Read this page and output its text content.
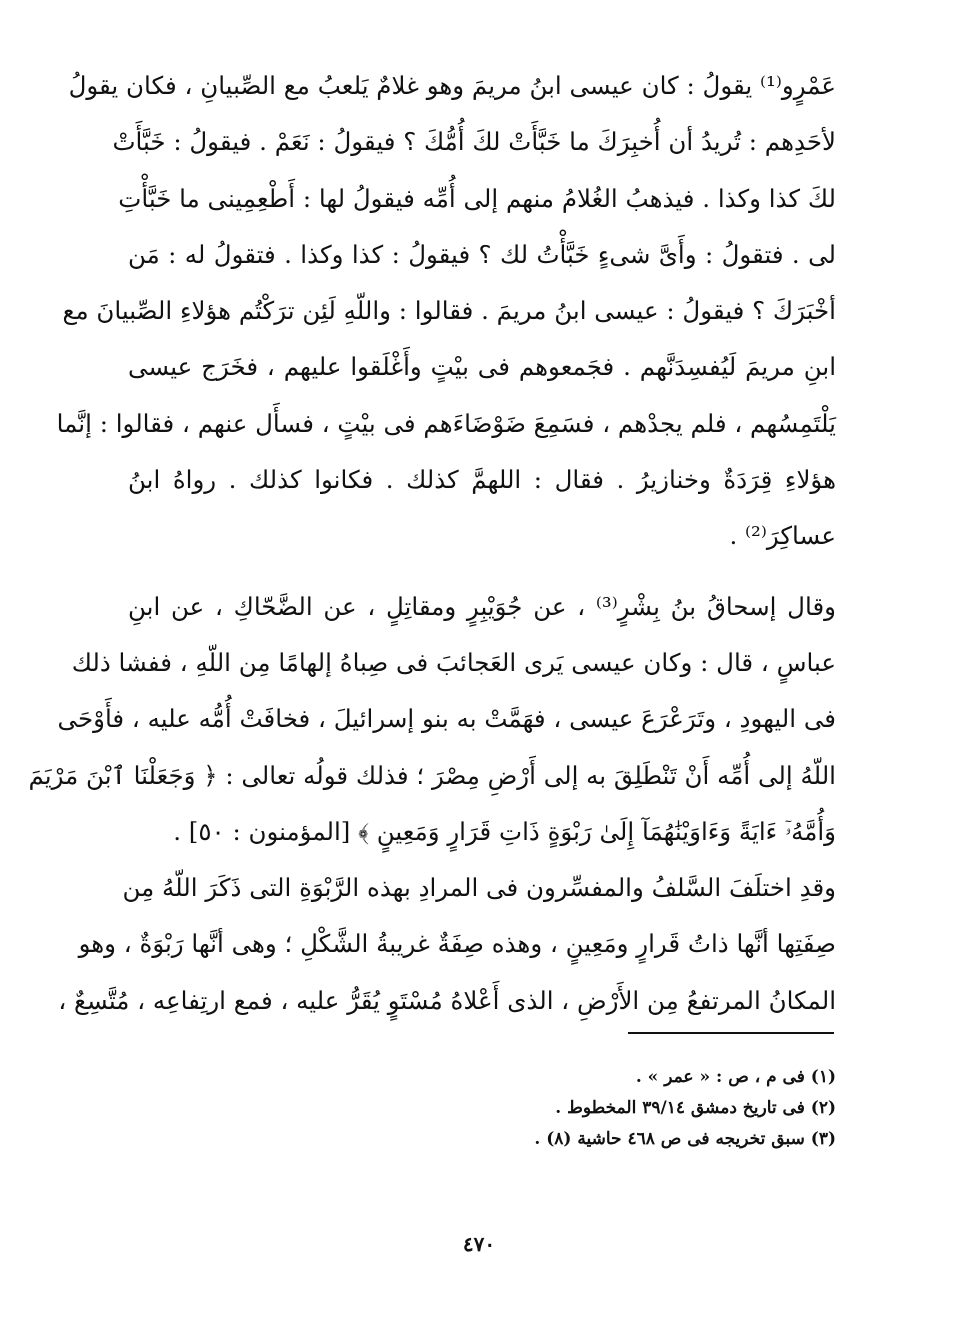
عَمْرٍو⁽¹⁾ يقولُ : كان عيسى ابنُ مريمَ وهو غلامٌ يَلعبُ مع الصِّبيانِ ، فكان يقولُ
لأحَدِهم : تُريدُ أن أُخبِرَكَ ما خَبَّأَتْ لكَ أُمُّكَ ؟ فيقولُ : نَعَمْ . فيقولُ : خَبَّأَتْ
لكَ كذا وكذا . فيذهبُ الغُلامُ منهم إلى أُمِّه فيقولُ لها : أَطْعِمِينى ما خَبَّأْتِ
لى . فتقولُ : وأَىَّ شىءٍ خَبَّأْتُ لك ؟ فيقولُ : كذا وكذا . فتقولُ له : مَن
أخْبَرَكَ ؟ فيقولُ : عيسى ابنُ مريمَ . فقالوا : واللّهِ لَئِن ترَكْتُم هؤلاءِ الصِّبيانَ مع
ابنِ مريمَ لَيُفسِدَنَّهم . فجَمعوهم فى بيْتٍ وأَغْلَقوا عليهم ، فخَرَج عيسى
يَلْتَمِسُهم ، فلم يجدْهم ، فسَمِعَ ضَوْضَاءَهم فى بيْتٍ ، فسأَل عنهم ، فقالوا : إنَّما
هؤلاءِ قِرَدَةٌ وخنازيرُ . فقال : اللهمَّ كذلك . فكانوا كذلك . رواهُ ابنُ
عساكِرَ⁽²⁾ .
وقال إسحاقُ بنُ بِشْرٍ⁽³⁾ ، عن جُوَيْبِرٍ ومقاتِلٍ ، عن الضَّحّاكِ ، عن ابنِ
عباسٍ ، قال : وكان عيسى يَرى العَجائبَ فى صِباهُ إلهامًا مِن اللّهِ ، ففشا ذلك
فى اليهودِ ، وتَرَعْرَعَ عيسى ، فهَمَّتْ به بنو إسرائيلَ ، فخافَتْ أُمُّه عليه ، فأَوْحَى
اللّهُ إلى أُمِّه أَنْ تَنْطَلِقَ به إلى أَرْضِ مِصْرَ ؛ فذلك قولُه تعالى : ﴿ وَجَعَلْنَا ٱبْنَ مَرْيَمَ
وَأُمَّهُۥٓ ءَايَةً وَءَاوَيْنَٰهُمَآ إِلَىٰ رَبْوَةٍ ذَاتِ قَرَارٍ وَمَعِينٍ ﴾ [المؤمنون : ٥٠] .
وقدِ اختلَفَ السَّلفُ والمفسِّرون فى المرادِ بهذه الرَّبْوَةِ التى ذَكَرَ اللّهُ مِن
صِفَتِها أنَّها ذاتُ قَرارٍ ومَعِينٍ ، وهذه صِفَةٌ غريبةُ الشَّكْلِ ؛ وهى أنَّها رَبْوَةٌ ، وهو
المكانُ المرتفعُ مِن الأَرْضِ ، الذى أَعْلاهُ مُسْتَوٍ يُقَرُّ عليه ، فمع ارتِفاعِه ، مُتَّسِعٌ ،
(١) فى م ، ص : « عمر » .
(٢) فى تاريخ دمشق ٣٩/١٤ المخطوط .
(٣) سبق تخريجه فى ص ٤٦٨ حاشية (٨) .
٤٧٠
